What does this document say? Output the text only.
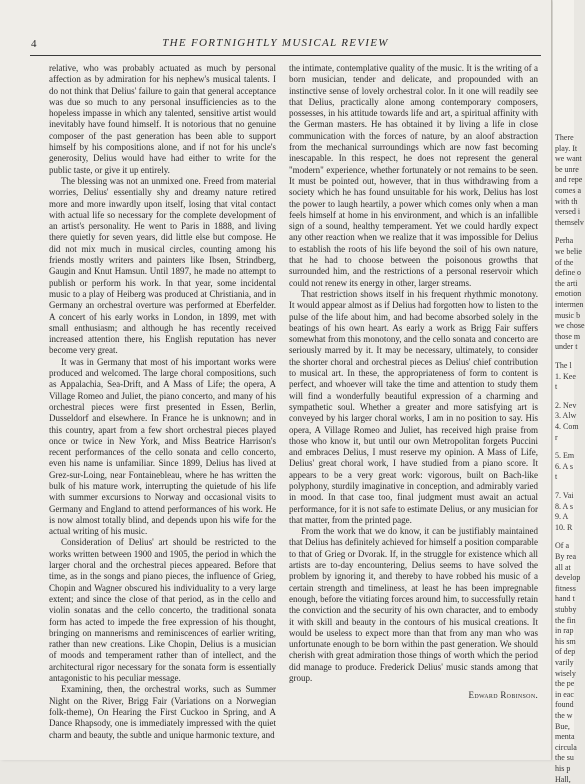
4	THE FORTNIGHTLY MUSICAL REVIEW

relative, who was probably actuated as much by personal affection as by admiration for his nephew's musical talents. I do not think that Delius' failure to gain that general acceptance was due so much to any personal insufficiencies as to the hopeless impasse in which any talented, sensitive artist would inevitably have found himself. It is notorious that no genuine composer of the past generation has been able to support himself by his compositions alone, and if not for his uncle's generosity, Delius would have had either to write for the public taste, or give it up entirely.

The blessing was not an unmixed one. Freed from material worries, Delius' essentially shy and dreamy nature retired more and more inwardly upon itself, losing that vital contact with actual life so necessary for the complete development of an artist's personality. He went to Paris in 1888, and living there quietly for seven years, did little else but compose. He did not mix much in musical circles, counting among his friends mostly writers and painters like Ibsen, Strindberg, Gaugin and Knut Hamsun. Until 1897, he made no attempt to publish or perform his work. In that year, some incidental music to a play of Heiberg was produced at Christiania, and in Germany an orchestral overture was performed at Eberfelder. A concert of his early works in London, in 1899, met with small enthusiasm; and although he has recently received increased attention there, his English reputation has never become very great.

It was in Germany that most of his important works were produced and welcomed. The large choral compositions, such as Appalachia, Sea-Drift, and A Mass of Life; the opera, A Village Romeo and Juliet, the piano concerto, and many of his orchestral pieces were first presented in Essen, Berlin, Dusseldorf and elsewhere. In France he is unknown; and in this country, apart from a few short orchestral pieces played once or twice in New York, and Miss Beatrice Harrison's recent performances of the cello sonata and cello concerto, even his name is unfamiliar. Since 1899, Delius has lived at Grez-sur-Loing, near Fontainebleau, where he has written the bulk of his mature work, interrupting the quietude of his life with summer excursions to Norway and occasional visits to Germany and England to attend performances of his work. He is now almost totally blind, and depends upon his wife for the actual writing of his music.

Consideration of Delius' art should be restricted to the works written between 1900 and 1905, the period in which the larger choral and the orchestral pieces appeared. Before that time, as in the songs and piano pieces, the influence of Grieg, Chopin and Wagner obscured his individuality to a very large extent; and since the close of that period, as in the cello and violin sonatas and the cello concerto, the traditional sonata form has acted to impede the free expression of his thought, bringing on mannerisms and reminiscences of earlier writing, rather than new creations. Like Chopin, Delius is a musician of moods and temperament rather than of intellect, and the architectural rigor necessary for the sonata form is essentially antagonistic to his peculiar message.

Examining, then, the orchestral works, such as Summer Night on the River, Brigg Fair (Variations on a Norwegian folk-theme), On Hearing the First Cuckoo in Spring, and A Dance Rhapsody, one is immediately impressed with the quiet charm and beauty, the subtle and unique harmonic texture, and

the intimate, contemplative quality of the music. It is the writing of a born musician, tender and delicate, and propounded with an instinctive sense of lovely orchestral color. In it one will readily see that Delius, practically alone among contemporary composers, possesses, in his attitude towards life and art, a spiritual affinity with the German masters. He has obtained it by living a life in close communication with the forces of nature, by an aloof abstraction from the mechanical surroundings which are now fast becoming inescapable. In this respect, he does not represent the general "modern" experience, whether fortunately or not remains to be seen. It must be pointed out, however, that in thus withdrawing from a society which he has found unsuitable for his work, Delius has lost the power to laugh heartily, a power which comes only when a man feels himself at home in his environment, and which is an infallible sign of a sound, healthy temperament. Yet we could hardly expect any other reaction when we realize that it was impossible for Delius to establish the roots of his life beyond the soil of his own nature, that he had to choose between the poisonous growths that surrounded him, and the restrictions of a personal reservoir which could not renew its energy in other, larger streams.

That restriction shows itself in his frequent rhythmic monotony. It would appear almost as if Delius had forgotten how to listen to the pulse of the life about him, and had become absorbed solely in the beatings of his own heart. As early a work as Brigg Fair suffers somewhat from this monotony, and the cello sonata and concerto are seriously marred by it. It may be necessary, ultimately, to consider the shorter choral and orchestral pieces as Delius' chief contribution to musical art. In these, the appropriateness of form to content is perfect, and whoever will take the time and attention to study them will find a wonderfully beautiful expression of a charming and sympathetic soul. Whether a greater and more satisfying art is conveyed by his larger choral works, I am in no position to say. His opera, A Village Romeo and Juliet, has received high praise from those who know it, but until our own Metropolitan forgets Puccini and embraces Delius, I must reserve my opinion. A Mass of Life, Delius' great choral work, I have studied from a piano score. It appears to be a very great work: vigorous, built on Bach-like polyphony, sturdily imaginative in conception, and admirably varied in mood. In that case too, final judgment must await an actual performance, for it is not safe to estimate Delius, or any musician for that matter, from the printed page.

From the work that we do know, it can be justifiably maintained that Delius has definitely achieved for himself a position comparable to that of Grieg or Dvorak. If, in the struggle for existence which all artists are to-day encountering, Delius seems to have solved the problem by ignoring it, and thereby to have robbed his music of a certain strength and timeliness, at least he has been impregnable enough, before the vitiating forces around him, to successfully retain the conviction and the security of his own character, and to embody it with skill and beauty in the contours of his musical creations. It would be useless to expect more than that from any man who was unfortunate enough to be born within the past generation. We should cherish with great admiration those things of worth which the period did manage to produce. Frederick Delius' music stands among that group.

Edward Robinson.

There
play. It
we want
be unre
and repe
comes a
with th
versed i
themselv
Perha
we belie
of the
define o
the arti
emotion
intermen
music b
we chose
those m
under t
The l
1. Kee
t
2. Nev
3. Alw
4. Com
r
5. Em
6. A s
t
7. Vai
8. A s
9. A
10. R
Of a
By rea
all at
develop
fitness
hand t
stubby
the fin
in rap
his sm
of dep
varily
wisely
the pe
in eac
found
the w
Bue,
menta
circula
the su
his p
Hall,
